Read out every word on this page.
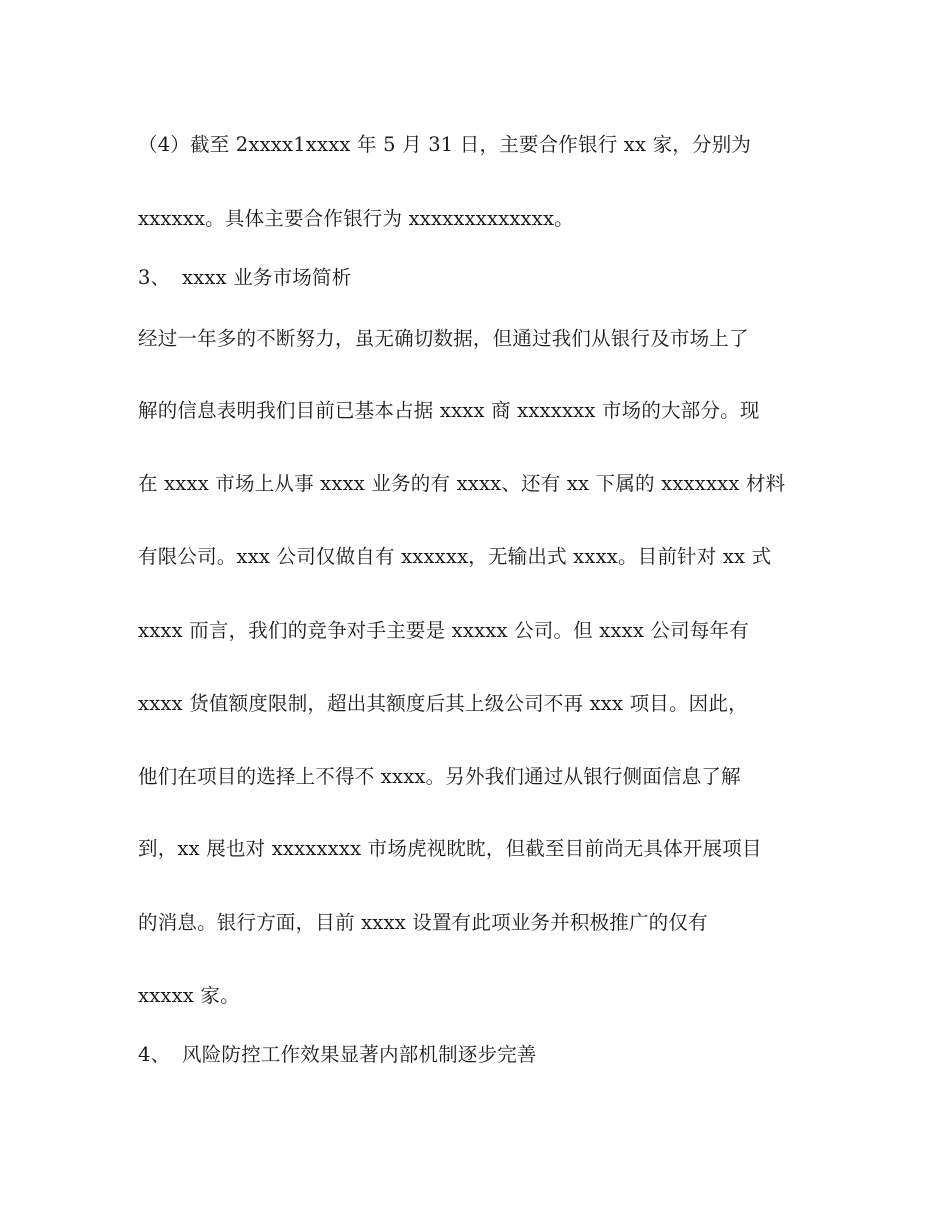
（4）截至 2xxxx1xxxx 年 5 月 31 日，主要合作银行 xx 家，分别为
xxxxxx。具体主要合作银行为 xxxxxxxxxxxxx。
3、 xxxx 业务市场简析
经过一年多的不断努力，虽无确切数据，但通过我们从银行及市场上了
解的信息表明我们目前已基本占据 xxxx 商 xxxxxxx 市场的大部分。现
在 xxxx 市场上从事 xxxx 业务的有 xxxx、还有 xx 下属的 xxxxxxx 材料
有限公司。xxx 公司仅做自有 xxxxxx，无输出式 xxxx。目前针对 xx 式
xxxx 而言，我们的竞争对手主要是 xxxxx 公司。但 xxxx 公司每年有
xxxx 货值额度限制，超出其额度后其上级公司不再 xxx 项目。因此，
他们在项目的选择上不得不 xxxx。另外我们通过从银行侧面信息了解
到，xx 展也对 xxxxxxxx 市场虎视眈眈，但截至目前尚无具体开展项目
的消息。银行方面，目前 xxxx 设置有此项业务并积极推广的仅有
xxxxx 家。
4、 风险防控工作效果显著内部机制逐步完善
